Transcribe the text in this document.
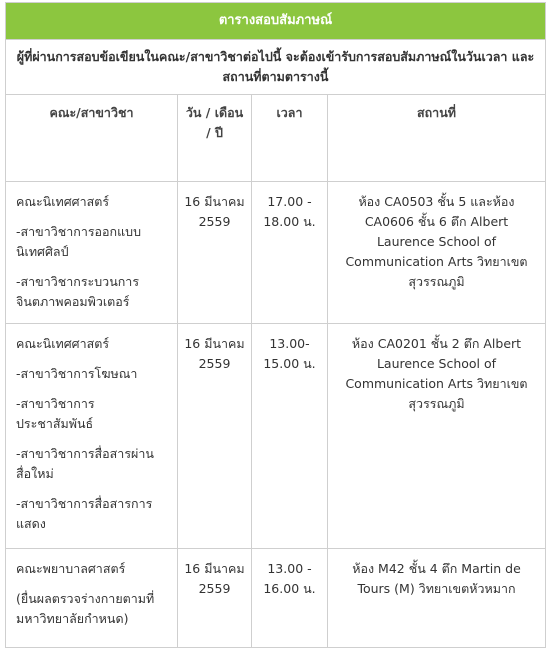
ตารางสอบสัมภาษณ์			
ผู้ที่ผ่านการสอบข้อเขียนในคณะ/สาขาวิชาต่อไปนี้ จะต้องเข้ารับการสอบสัมภาษณ์ในวันเวลา และสถานที่ตามตารางนี้			
คณะ/สาขาวิชา	วัน / เดือน / ปี	เวลา	สถานที่

คณะนิเทศศาสตร์

-สาขาวิชาการออกแบบนิเทศศิลป์

-สาขาวิชากระบวนการจินตภาพคอมพิวเตอร์	16 มีนาคม 2559	17.00 - 18.00 น.	ห้อง CA0503 ชั้น 5 และห้อง CA0606 ชั้น 6 ตึก Albert Laurence School of Communication Arts วิทยาเขตสุวรรณภูมิ

คณะนิเทศศาสตร์

-สาขาวิชาการโฆษณา

-สาขาวิชาการประชาสัมพันธ์

-สาขาวิชาการสื่อสารผ่านสื่อใหม่

-สาขาวิชาการสื่อสารการแสดง	16 มีนาคม 2559	13.00- 15.00 น.	ห้อง CA0201 ชั้น 2 ตึก Albert Laurence School of Communication Arts วิทยาเขตสุวรรณภูมิ

คณะพยาบาลศาสตร์

(ยื่นผลตรวจร่างกายตามที่มหาวิทยาลัยกำหนด)	16 มีนาคม 2559	13.00 - 16.00 น.	ห้อง M42 ชั้น 4 ตึก Martin de Tours (M) วิทยาเขตหัวหมาก
